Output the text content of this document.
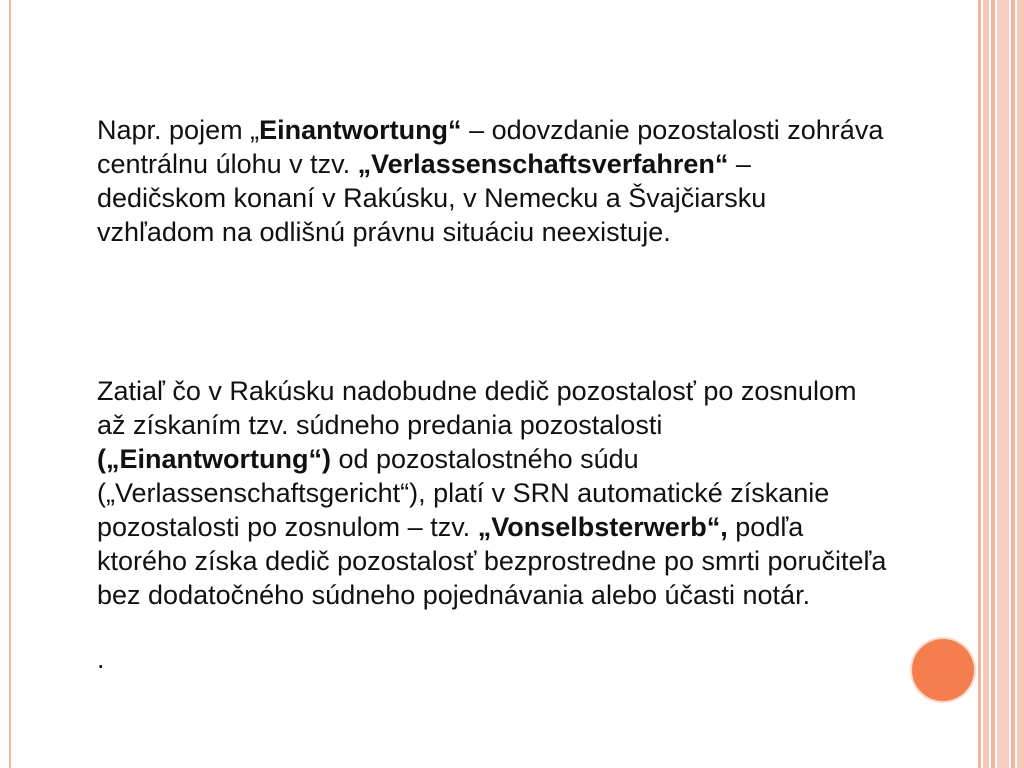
Napr. pojem „Einantwortung“ – odovzdanie pozostalosti zohráva centrálnu úlohu v tzv. „Verlassenschaftsverfahren“ – dedičskom konaní v Rakúsku, v Nemecku a Švajčiarsku vzhľadom na odlišnú právnu situáciu neexistuje.

Zatiaľ čo v Rakúsku nadobudne dedič pozostalosť po zosnulom až získaním tzv. súdneho predania pozostalosti („Einantwortung“) od pozostalostného súdu („Verlassenschaftsgericht“), platí v SRN automatické získanie pozostalosti po zosnulom – tzv. „Vonselbsterwerb“, podľa ktorého získa dedič pozostalosť bezprostredne po smrti poručiteľa bez dodatočného súdneho pojednávania alebo účasti notár.

.
